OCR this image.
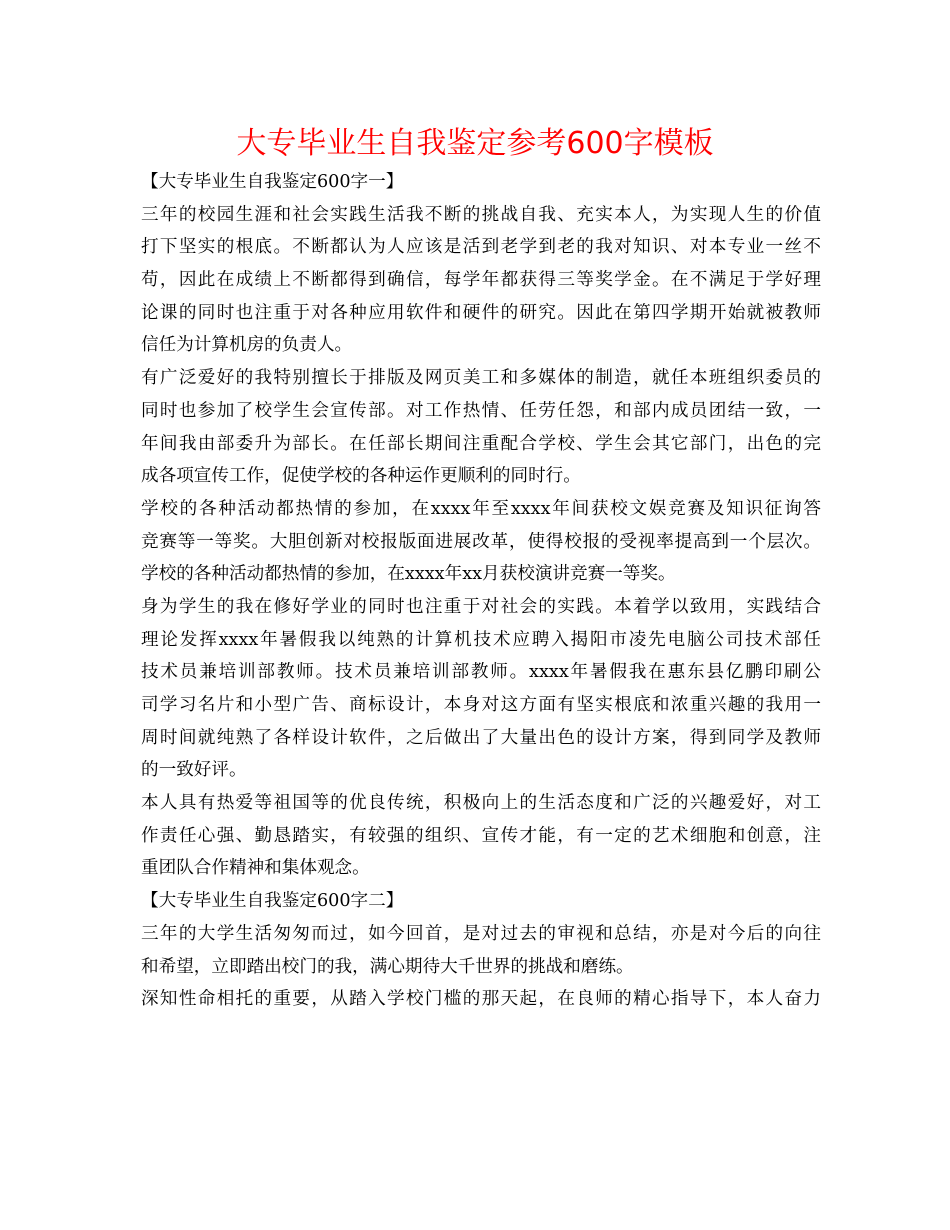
大专毕业生自我鉴定参考600字模板
【大专毕业生自我鉴定600字一】
三年的校园生涯和社会实践生活我不断的挑战自我、充实本人，为实现人生的价值
打下坚实的根底。不断都认为人应该是活到老学到老的我对知识、对本专业一丝不
苟，因此在成绩上不断都得到确信，每学年都获得三等奖学金。在不满足于学好理
论课的同时也注重于对各种应用软件和硬件的研究。因此在第四学期开始就被教师
信任为计算机房的负责人。
有广泛爱好的我特别擅长于排版及网页美工和多媒体的制造，就任本班组织委员的
同时也参加了校学生会宣传部。对工作热情、任劳任怨，和部内成员团结一致，一
年间我由部委升为部长。在任部长期间注重配合学校、学生会其它部门，出色的完
成各项宣传工作，促使学校的各种运作更顺利的同时行。
学校的各种活动都热情的参加，在xxxx年至xxxx年间获校文娱竞赛及知识征询答
竞赛等一等奖。大胆创新对校报版面进展改革，使得校报的受视率提高到一个层次。
学校的各种活动都热情的参加，在xxxx年xx月获校演讲竞赛一等奖。
身为学生的我在修好学业的同时也注重于对社会的实践。本着学以致用，实践结合
理论发挥xxxx年暑假我以纯熟的计算机技术应聘入揭阳市凌先电脑公司技术部任
技术员兼培训部教师。技术员兼培训部教师。xxxx年暑假我在惠东县亿鹏印刷公
司学习名片和小型广告、商标设计，本身对这方面有坚实根底和浓重兴趣的我用一
周时间就纯熟了各样设计软件，之后做出了大量出色的设计方案，得到同学及教师
的一致好评。
本人具有热爱等祖国等的优良传统，积极向上的生活态度和广泛的兴趣爱好，对工
作责任心强、勤恳踏实，有较强的组织、宣传才能，有一定的艺术细胞和创意，注
重团队合作精神和集体观念。
【大专毕业生自我鉴定600字二】
三年的大学生活匆匆而过，如今回首，是对过去的审视和总结，亦是对今后的向往
和希望，立即踏出校门的我，满心期待大千世界的挑战和磨练。
深知性命相托的重要，从踏入学校门槛的那天起，在良师的精心指导下，本人奋力
